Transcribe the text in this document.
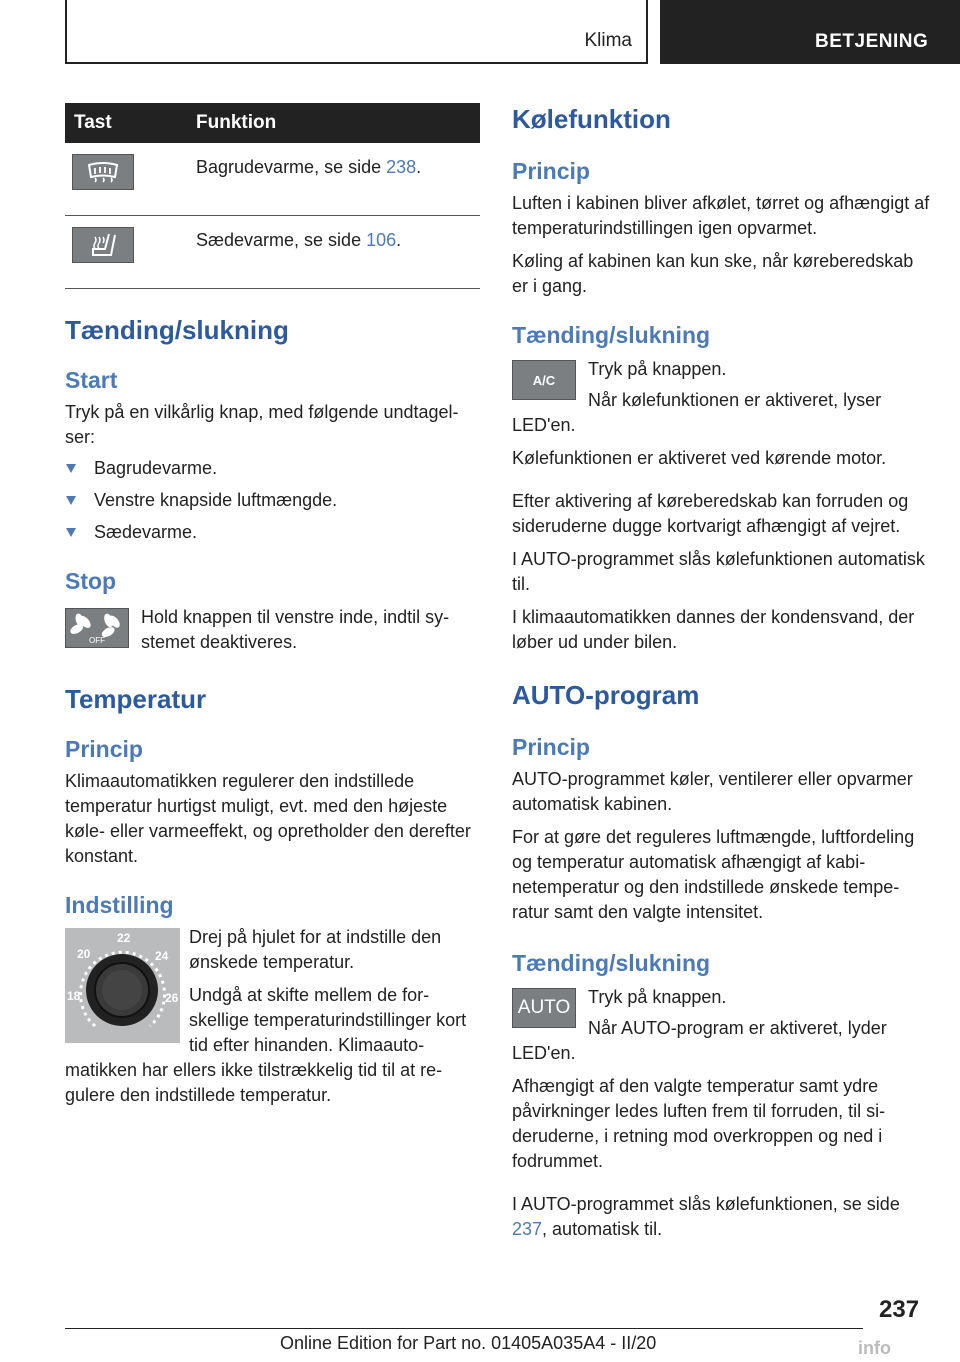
Klima	BETJENING
Tast	Funktion

	Bagrudevarme, se side 238.

	Sædevarme, se side 106.
Tænding/slukning
Start

Tryk på en vilkårlig knap, med følgende undtagelser:

Bagrudevarme.
Venstre knapside luftmængde.
Sædevarme.
Stop
OFF

Hold knappen til venstre inde, indtil systemet deaktiveres.

Temperatur
Princip

Klimaautomatikken regulerer den indstillede temperatur hurtigst muligt, evt. med den højeste køle- eller varmeeffekt, og opretholder den derefter konstant.

Indstilling
22
20	24
18	26

Drej på hjulet for at indstille den ønskede temperatur.

Undgå at skifte mellem de forskellige temperaturindstillinger kort tid efter hinanden. Klimaautomatikken har ellers ikke tilstrækkelig tid til at regulere den indstillede temperatur.

Kølefunktion
Princip

Luften i kabinen bliver afkølet, tørret og afhængigt af temperaturindstillingen igen opvarmet.

Køling af kabinen kan kun ske, når køreberedskab er i gang.

Tænding/slukning
A/C

Tryk på knappen.

Når kølefunktionen er aktiveret, lyser LED'en.

Kølefunktionen er aktiveret ved kørende motor.

Efter aktivering af køreberedskab kan forruden og sideruderne dugge kortvarigt afhængigt af vejret.

I AUTO-programmet slås kølefunktionen automatisk til.

I klimaautomatikken dannes der kondensvand, der løber ud under bilen.

AUTO-program
Princip

AUTO-programmet køler, ventilerer eller opvarmer automatisk kabinen.

For at gøre det reguleres luftmængde, luftfordeling og temperatur automatisk afhængigt af kabinetemperatur og den indstillede ønskede temperatur samt den valgte intensitet.

Tænding/slukning
AUTO Tryk på knappen.

Når AUTO-program er aktiveret, lyder LED'en.

Afhængigt af den valgte temperatur samt ydre påvirkninger ledes luften frem til forruden, til sideruderne, i retning mod overkroppen og ned i fodrummet.

I AUTO-programmet slås kølefunktionen, se side 237, automatisk til.

237
Online Edition for Part no. 01405A035A4 - II/20	info
